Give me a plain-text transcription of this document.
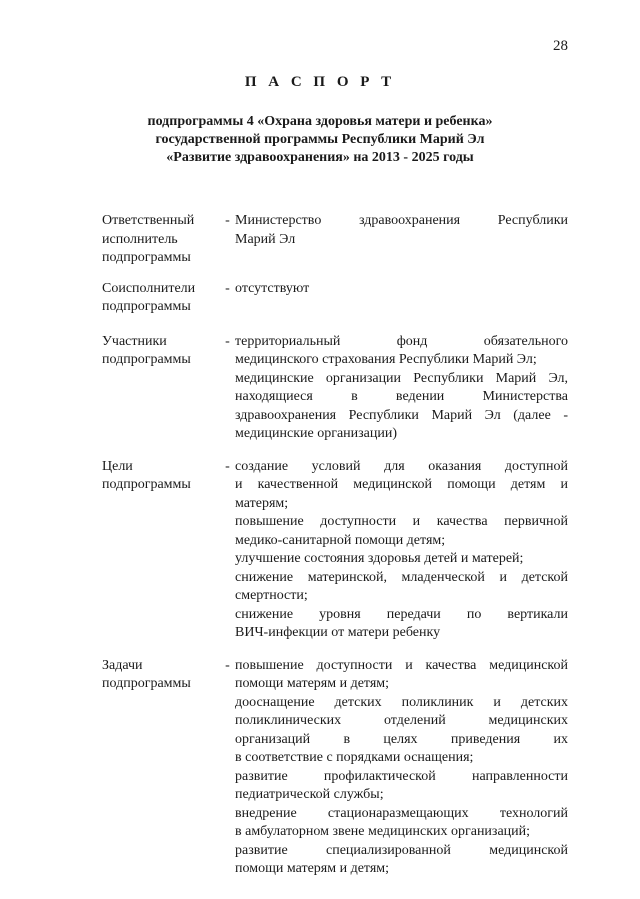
28
П А С П О Р Т
подпрограммы 4 «Охрана здоровья матери и ребенка»
государственной программы Республики Марий Эл
«Развитие здравоохранения» на 2013 - 2025 годы
Ответственный
исполнитель
подпрограммы
- Министерство здравоохранения Республики
Марий Эл
Соисполнители
подпрограммы
- отсутствуют
Участники
подпрограммы
- территориальный фонд обязательного
медицинского страхования Республики Марий Эл;
медицинские организации Республики Марий Эл,
находящиеся в ведении Министерства
здравоохранения Республики Марий Эл (далее -
медицинские организации)
Цели
подпрограммы
- создание условий для оказания доступной
и качественной медицинской помощи детям и
матерям;
повышение доступности и качества первичной
медико-санитарной помощи детям;
улучшение состояния здоровья детей и матерей;
снижение материнской, младенческой и детской
смертности;
снижение уровня передачи по вертикали
ВИЧ-инфекции от матери ребенку
Задачи
подпрограммы
- повышение доступности и качества медицинской
помощи матерям и детям;
дооснащение детских поликлиник и детских
поликлинических отделений медицинских
организаций в целях приведения их
в соответствие с порядками оснащения;
развитие профилактической направленности
педиатрической службы;
внедрение стационаразмещающих технологий
в амбулаторном звене медицинских организаций;
развитие специализированной медицинской
помощи матерям и детям;
